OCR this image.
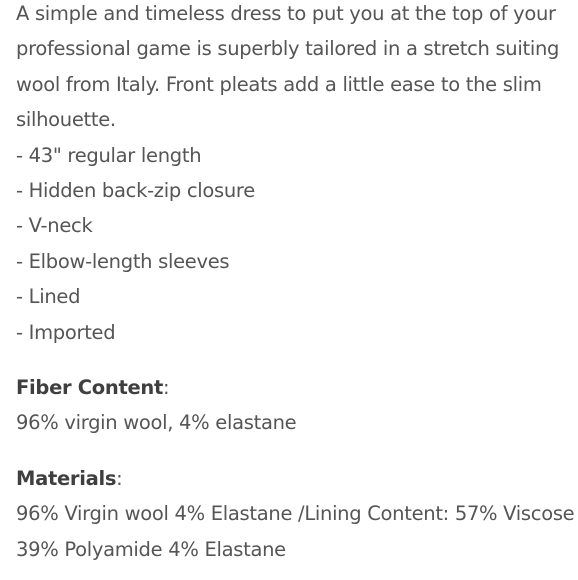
A simple and timeless dress to put you at the top of your
professional game is superbly tailored in a stretch suiting
wool from Italy. Front pleats add a little ease to the slim
silhouette.
- 43" regular length
- Hidden back-zip closure
- V-neck
- Elbow-length sleeves
- Lined
- Imported
Fiber Content:
96% virgin wool, 4% elastane
Materials:
96% Virgin wool 4% Elastane /Lining Content: 57% Viscose
39% Polyamide 4% Elastane
